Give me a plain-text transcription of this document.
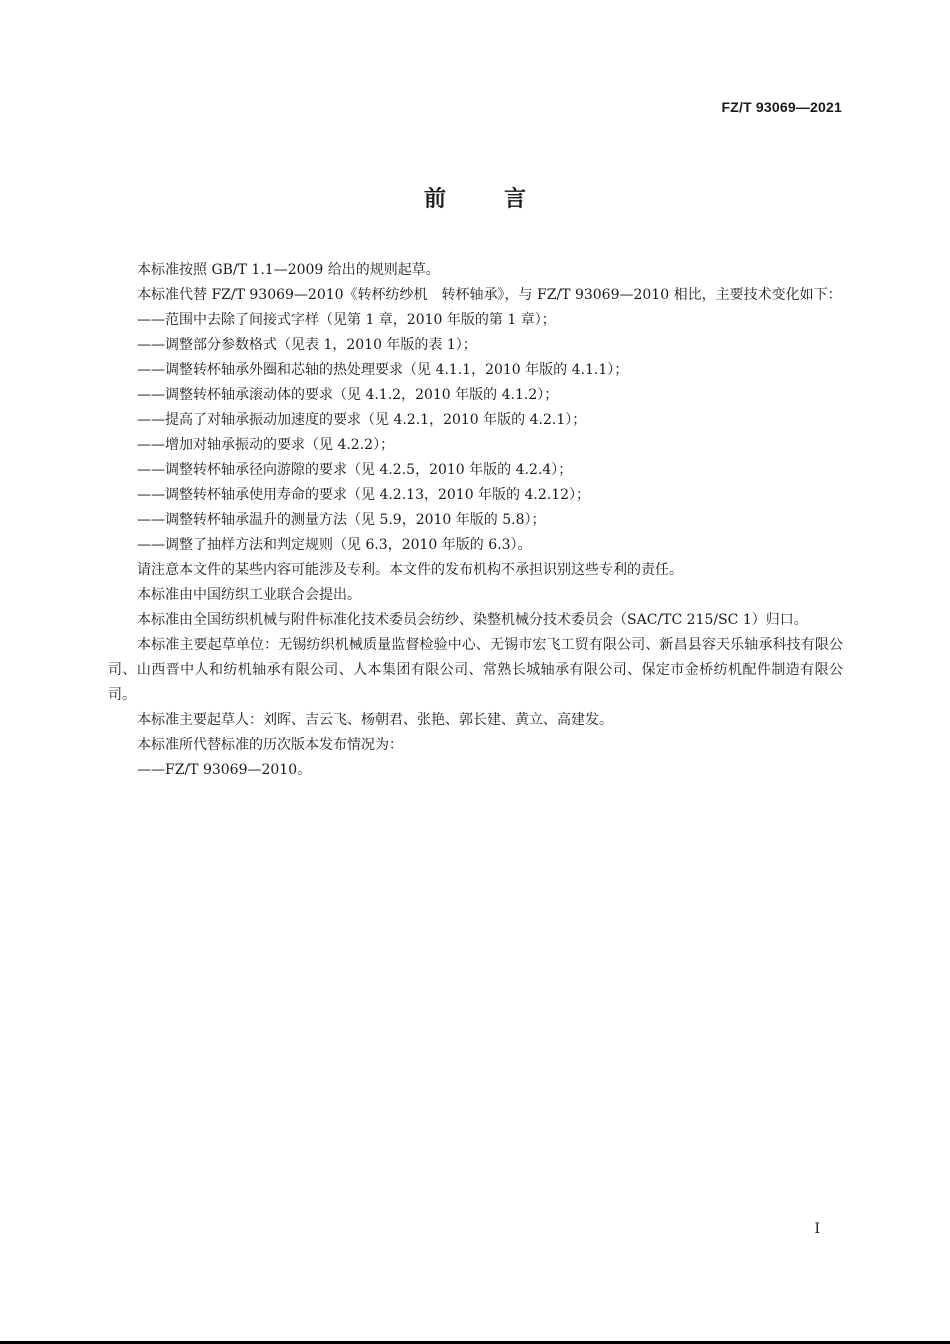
FZ/T 93069—2021
前言

本标准按照 GB/T 1.1—2009 给出的规则起草。

本标准代替 FZ/T 93069—2010《转杯纺纱机　转杯轴承》，与 FZ/T 93069—2010 相比，主要技术变化如下：

——范围中去除了间接式字样（见第 1 章，2010 年版的第 1 章）；

——调整部分参数格式（见表 1，2010 年版的表 1）；

——调整转杯轴承外圈和芯轴的热处理要求（见 4.1.1，2010 年版的 4.1.1）；

——调整转杯轴承滚动体的要求（见 4.1.2，2010 年版的 4.1.2）；

——提高了对轴承振动加速度的要求（见 4.2.1，2010 年版的 4.2.1）；

——增加对轴承振动的要求（见 4.2.2）；

——调整转杯轴承径向游隙的要求（见 4.2.5，2010 年版的 4.2.4）；

——调整转杯轴承使用寿命的要求（见 4.2.13，2010 年版的 4.2.12）；

——调整转杯轴承温升的测量方法（见 5.9，2010 年版的 5.8）；

——调整了抽样方法和判定规则（见 6.3，2010 年版的 6.3）。

请注意本文件的某些内容可能涉及专利。本文件的发布机构不承担识别这些专利的责任。

本标准由中国纺织工业联合会提出。

本标准由全国纺织机械与附件标准化技术委员会纺纱、染整机械分技术委员会（SAC/TC 215/SC 1）归口。

本标准主要起草单位：无锡纺织机械质量监督检验中心、无锡市宏飞工贸有限公司、新昌县容天乐轴承科技有限公司、山西晋中人和纺机轴承有限公司、人本集团有限公司、常熟长城轴承有限公司、保定市金桥纺机配件制造有限公司。

本标准主要起草人：刘晖、吉云飞、杨朝君、张艳、郭长建、黄立、高建发。

本标准所代替标准的历次版本发布情况为：

——FZ/T 93069—2010。

I
